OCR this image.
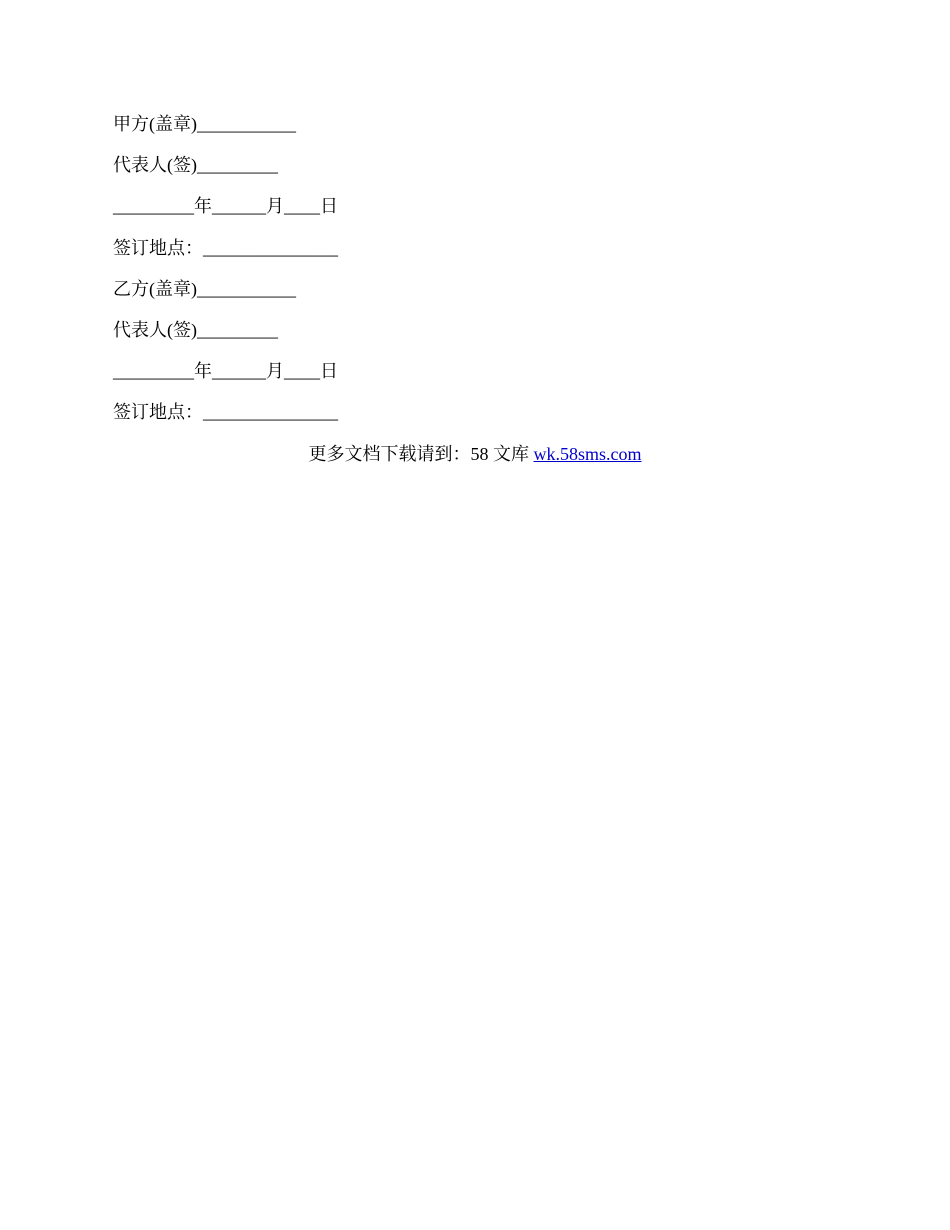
甲方(盖章)___________
代表人(签)_________
_________年______月____日
签订地点：_______________
乙方(盖章)___________
代表人(签)_________
_________年______月____日
签订地点：_______________
更多文档下载请到：58 文库 wk.58sms.com
